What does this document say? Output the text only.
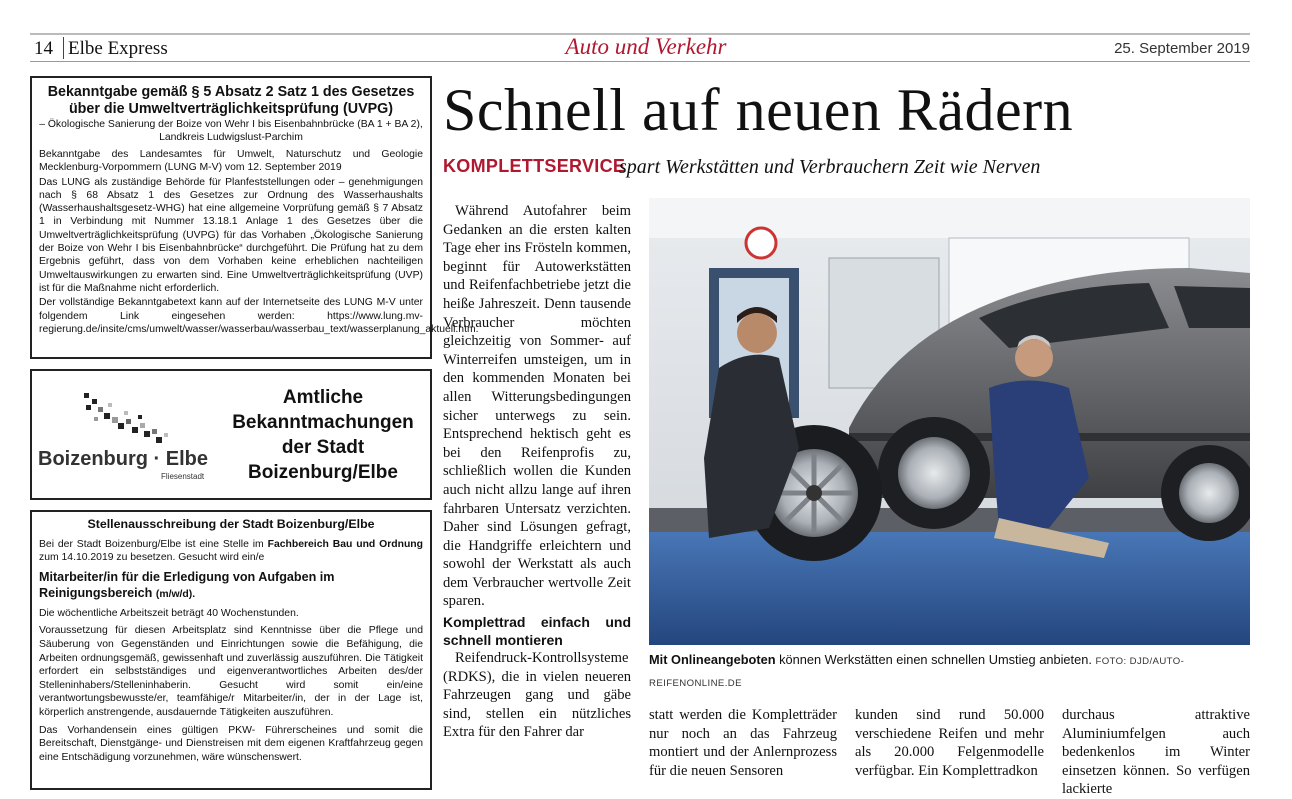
14 Elbe Express	Auto und Verkehr	25. September 2019
Bekanntgabe gemäß § 5 Absatz 2 Satz 1 des Gesetzes über die Umweltverträglichkeitsprüfung (UVPG)
– Ökologische Sanierung der Boize von Wehr I bis Eisenbahnbrücke (BA 1 + BA 2), Landkreis Ludwigslust-Parchim

Bekanntgabe des Landesamtes für Umwelt, Naturschutz und Geologie Mecklenburg-Vorpommern (LUNG M-V) vom 12. September 2019

Das LUNG als zuständige Behörde für Planfeststellungen oder – genehmigungen nach § 68 Absatz 1 des Gesetzes zur Ordnung des Wasserhaushalts (Wasserhaushaltsgesetz-WHG) hat eine allgemeine Vorprüfung gemäß § 7 Absatz 1 in Verbindung mit Nummer 13.18.1 Anlage 1 des Gesetzes über die Umweltverträglichkeitsprüfung (UVPG) für das Vorhaben „Ökologische Sanierung der Boize von Wehr I bis Eisenbahnbrücke“ durchgeführt. Die Prüfung hat zu dem Ergebnis geführt, dass von dem Vorhaben keine erheblichen nachteiligen Umweltauswirkungen zu erwarten sind. Eine Umweltverträglichkeitsprüfung (UVP) ist für die Maßnahme nicht erforderlich.

Der vollständige Bekanntgabetext kann auf der Internetseite des LUNG M-V unter folgendem Link eingesehen werden: https://www.lung.mv-regierung.de/insite/cms/umwelt/wasser/wasserbau/wasserbau_text/wasserplanung_aktuell.htm.

Boizenburg · Elbe
Fliesenstadt
Amtliche
Bekanntmachungen
der Stadt
Boizenburg/Elbe
Stellenausschreibung der Stadt Boizenburg/Elbe

Bei der Stadt Boizenburg/Elbe ist eine Stelle im Fachbereich Bau und Ordnung zum 14.10.2019 zu besetzen. Gesucht wird ein/e

Mitarbeiter/in für die Erledigung von Aufgaben im Reinigungsbereich (m/w/d).

Die wöchentliche Arbeitszeit beträgt 40 Wochenstunden.

Voraussetzung für diesen Arbeitsplatz sind Kenntnisse über die Pflege und Säuberung von Gegenständen und Einrichtungen sowie die Befähigung, die Arbeiten ordnungsgemäß, gewissenhaft und zuverlässig auszuführen. Die Tätigkeit erfordert ein selbstständiges und eigenverantwortliches Arbeiten des/der Stelleninhabers/Stelleninhaberin. Gesucht wird somit ein/eine verantwortungsbewusste/er, teamfähige/r Mitarbeiter/in, der in der Lage ist, körperlich anstrengende, ausdauernde Tätigkeiten auszuführen.

Das Vorhandensein eines gültigen PKW- Führerscheines und somit die Bereitschaft, Dienstgänge- und Dienstreisen mit dem eigenen Kraftfahrzeug gegen eine Entschädigung vorzunehmen, wäre wünschenswert.

Schnell auf neuen Rädern
KOMPLETTSERVICE
spart Werkstätten und Verbrauchern Zeit wie Nerven

Während Autofahrer beim Gedanken an die ersten kalten Tage eher ins Frösteln kommen, beginnt für Autowerkstätten und Reifenfachbetriebe jetzt die heiße Jahreszeit. Denn tausende Verbraucher möchten gleichzeitig von Sommer- auf Winterreifen umsteigen, um in den kommenden Monaten bei allen Witterungsbedingungen sicher unterwegs zu sein. Entsprechend hektisch geht es bei den Reifenprofis zu, schließlich wollen die Kunden auch nicht allzu lange auf ihren fahrbaren Untersatz verzichten. Daher sind Lösungen gefragt, die Handgriffe erleichtern und sowohl der Werkstatt als auch dem Verbraucher wertvolle Zeit sparen.

Komplettrad einfach und schnell montieren

Reifendruck-Kontrollsysteme (RDKS), die in vielen neueren Fahrzeugen gang und gäbe sind, stellen ein nützliches Extra für den Fahrer dar

Mit Onlineangeboten können Werkstätten einen schnellen Umstieg anbieten. FOTO: DJD/AUTO-REIFENONLINE.DE
statt werden die Kompletträder nur noch an das Fahrzeug montiert und der Anlernprozess für die neuen Sensoren
kunden sind rund 50.000 verschiedene Reifen und mehr als 20.000 Felgenmodelle verfügbar. Ein Komplettradkon
durchaus attraktive Aluminiumfelgen auch bedenkenlos im Winter einsetzen können. So verfügen lackierte
